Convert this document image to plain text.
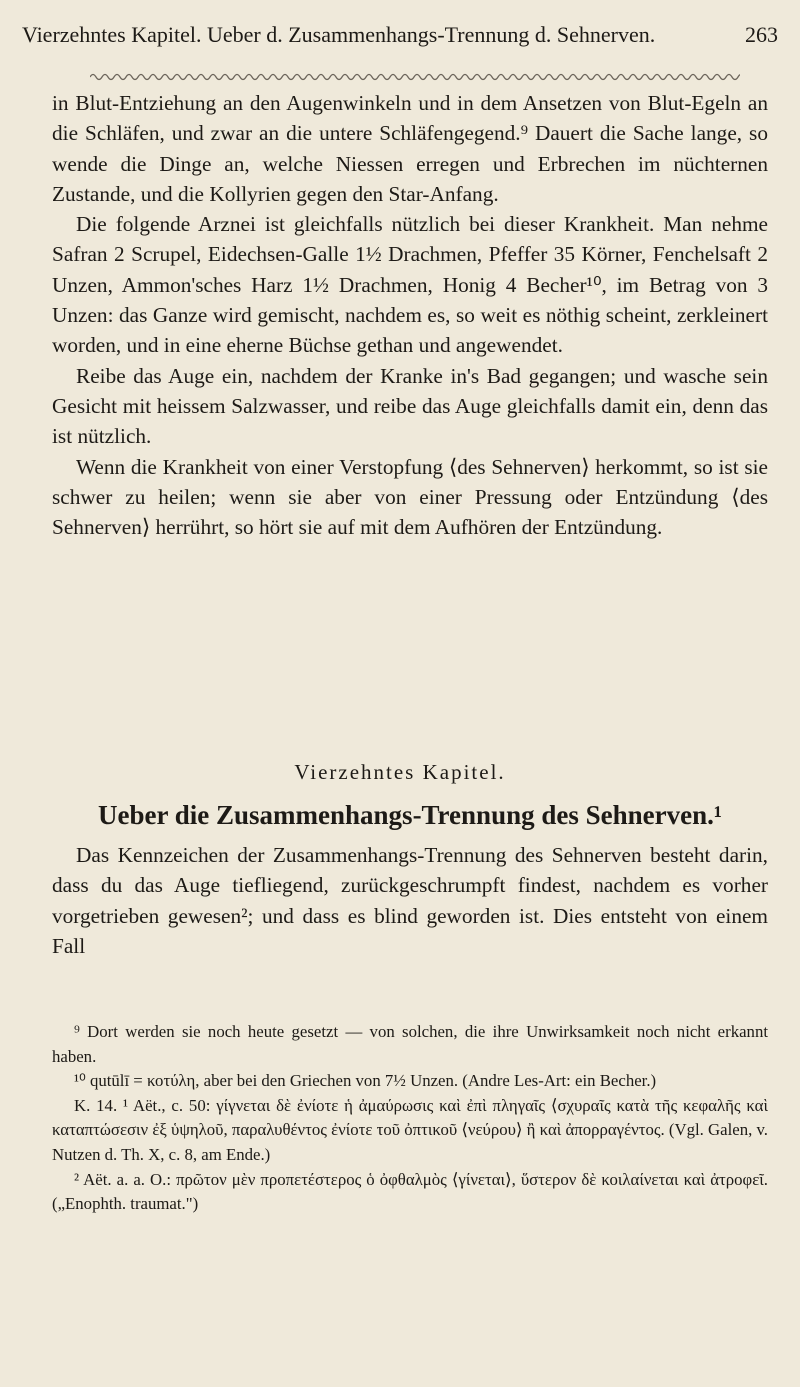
Vierzehntes Kapitel. Ueber d. Zusammenhangs-Trennung d. Sehnerven.	263

in Blut-Entziehung an den Augenwinkeln und in dem Ansetzen von Blut-Egeln an die Schläfen, und zwar an die untere Schläfengegend.⁹ Dauert die Sache lange, so wende die Dinge an, welche Niessen erregen und Erbrechen im nüchternen Zustande, und die Kollyrien gegen den Star-Anfang.

Die folgende Arznei ist gleichfalls nützlich bei dieser Krankheit. Man nehme Safran 2 Scrupel, Eidechsen-Galle 1½ Drachmen, Pfeffer 35 Körner, Fenchelsaft 2 Unzen, Ammon'sches Harz 1½ Drachmen, Honig 4 Becher¹⁰, im Betrag von 3 Unzen: das Ganze wird gemischt, nachdem es, so weit es nöthig scheint, zerkleinert worden, und in eine eherne Büchse gethan und angewendet.

Reibe das Auge ein, nachdem der Kranke in's Bad gegangen; und wasche sein Gesicht mit heissem Salzwasser, und reibe das Auge gleichfalls damit ein, denn das ist nützlich.

Wenn die Krankheit von einer Verstopfung ⟨des Sehnerven⟩ herkommt, so ist sie schwer zu heilen; wenn sie aber von einer Pressung oder Entzündung ⟨des Sehnerven⟩ herrührt, so hört sie auf mit dem Aufhören der Entzündung.

Vierzehntes Kapitel.
Ueber die Zusammenhangs-Trennung des Sehnerven.¹

Das Kennzeichen der Zusammenhangs-Trennung des Sehnerven besteht darin, dass du das Auge tiefliegend, zurückgeschrumpft findest, nachdem es vorher vorgetrieben gewesen²; und dass es blind geworden ist. Dies entsteht von einem Fall

⁹ Dort werden sie noch heute gesetzt — von solchen, die ihre Unwirksamkeit noch nicht erkannt haben.

¹⁰ qutūlī = κοτύλη, aber bei den Griechen von 7½ Unzen. (Andre Les-Art: ein Becher.)

K. 14. ¹ Aët., c. 50: γίγνεται δὲ ἐνίοτε ἡ ἀμαύρωσις καὶ ἐπὶ πληγαῖς ⟨σχυραῖς κατὰ τῆς κεφαλῆς καὶ καταπτώσεσιν ἐξ ὑψηλοῦ, παραλυθέντος ἐνίοτε τοῦ ὀπτικοῦ ⟨νεύρου⟩ ἢ καὶ ἀπορραγέντος. (Vgl. Galen, v. Nutzen d. Th. X, c. 8, am Ende.)

² Aët. a. a. O.: πρῶτον μὲν προπετέστερος ὁ ὀφθαλμὸς ⟨γίνεται⟩, ὕστερον δὲ κοιλαίνεται καὶ ἀτροφεῖ. („Enophth. traumat.")
